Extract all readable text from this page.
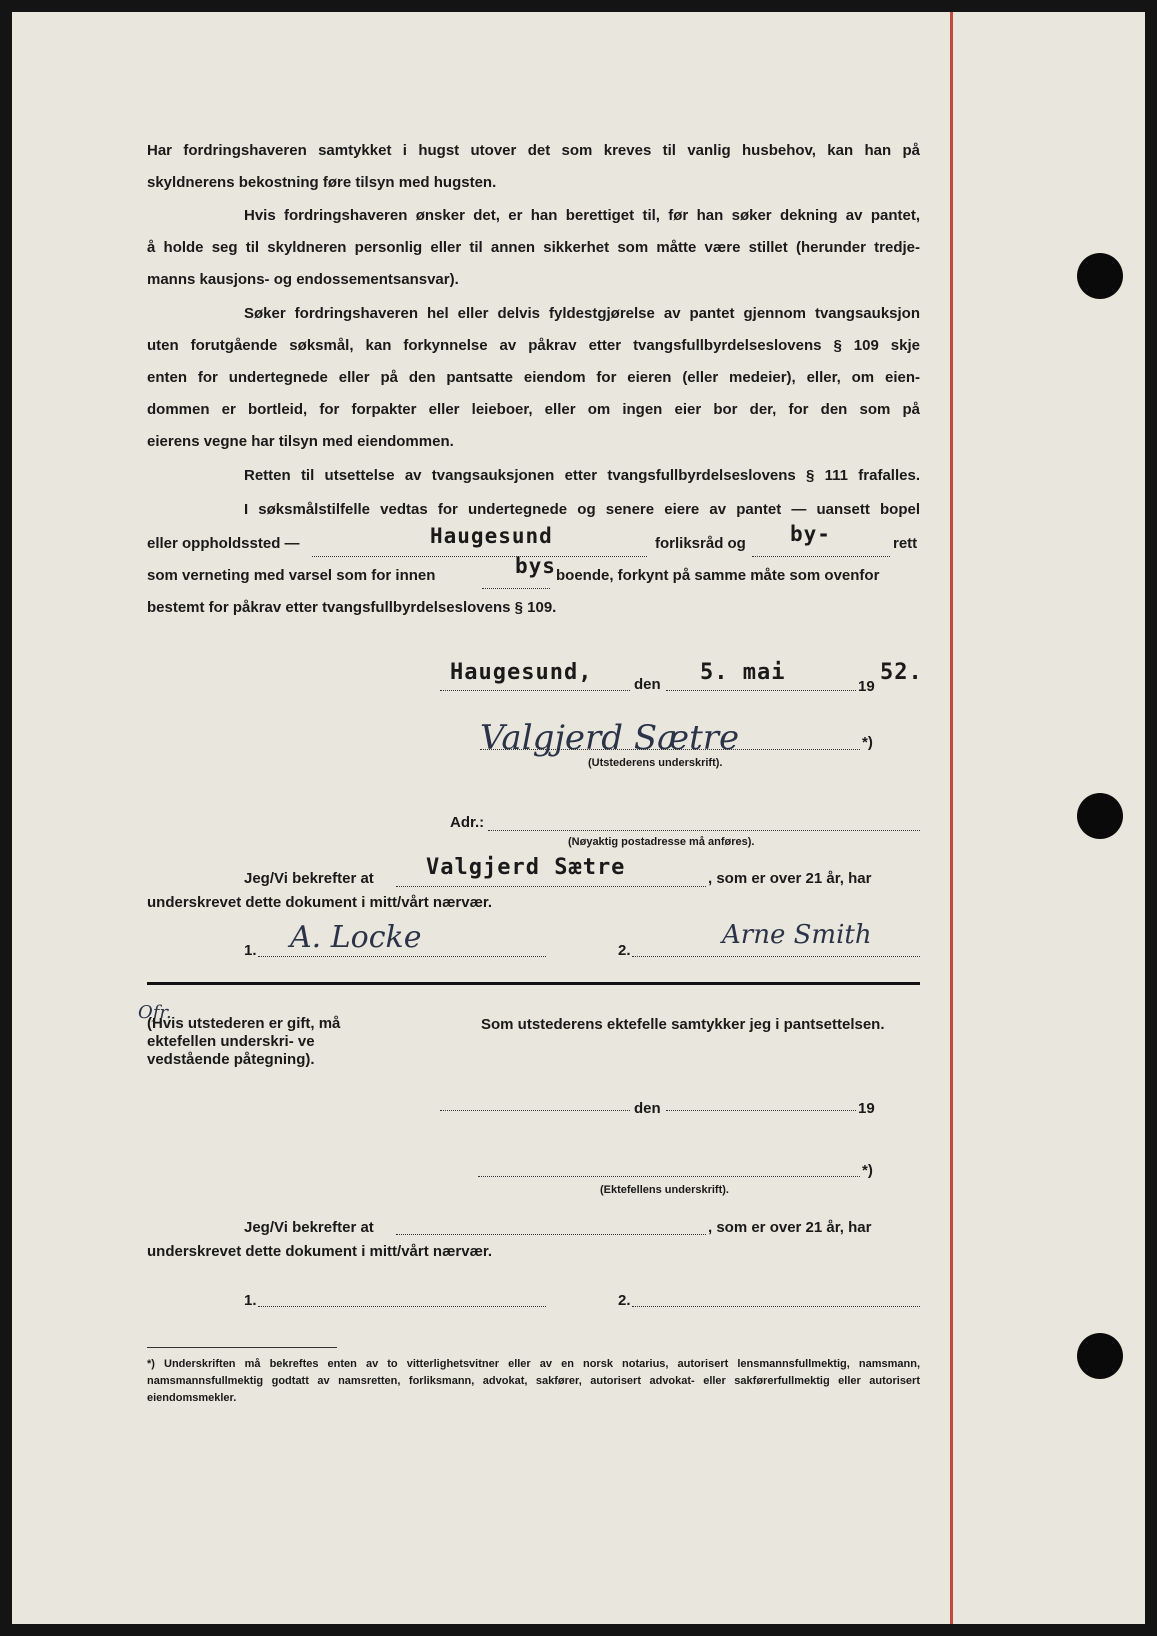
Har fordringshaveren samtykket i hugst utover det som kreves til vanlig husbehov, kan han på
skyldnerens bekostning føre tilsyn med hugsten.
Hvis fordringshaveren ønsker det, er han berettiget til, før han søker dekning av pantet,
å holde seg til skyldneren personlig eller til annen sikkerhet som måtte være stillet (herunder tredje-
manns kausjons- og endossementsansvar).
Søker fordringshaveren hel eller delvis fyldestgjørelse av pantet gjennom tvangsauksjon
uten forutgående søksmål, kan forkynnelse av påkrav etter tvangsfullbyrdelseslovens § 109 skje
enten for undertegnede eller på den pantsatte eiendom for eieren (eller medeier), eller, om eien-
dommen er bortleid, for forpakter eller leieboer, eller om ingen eier bor der, for den som på
eierens vegne har tilsyn med eiendommen.
Retten til utsettelse av tvangsauksjonen etter tvangsfullbyrdelseslovens § 111 frafalles.
I søksmålstilfelle vedtas for undertegnede og senere eiere av pantet — uansett bopel
eller oppholdssted —	Haugesund	forliksråd og by-	rett
som verneting med varsel som for innen	bys boende, forkynt på samme måte som ovenfor
bestemt for påkrav etter tvangsfullbyrdelseslovens § 109.
Haugesund,	den 5. mai
19
52.
Valgjerd Sætre	*)
(Utstederens underskrift).
Adr.:
(Nøyaktig postadresse må anføres).
Jeg/Vi bekrefter at Valgjerd Sætre	, som er over 21 år, har
underskrevet dette dokument i mitt/vårt nærvær.
1. A. Locke	2.
Arne Smith
Ofr.
(Hvis utstederen er gift, må ektefellen underskri- ve vedstående påtegning).
Som utstederens ektefelle samtykker jeg i pantsettelsen.
den	19
*)
(Ektefellens underskrift).
Jeg/Vi bekrefter at	, som er over 21 år, har
underskrevet dette dokument i mitt/vårt nærvær.
1.	2.
*) Underskriften må bekreftes enten av to vitterlighetsvitner eller av en norsk notarius, autorisert lensmannsfullmektig, namsmann, namsmannsfullmektig godtatt av namsretten, forliksmann, advokat, sakfører, autorisert advokat- eller sakførerfullmektig eller autorisert eiendomsmekler.
